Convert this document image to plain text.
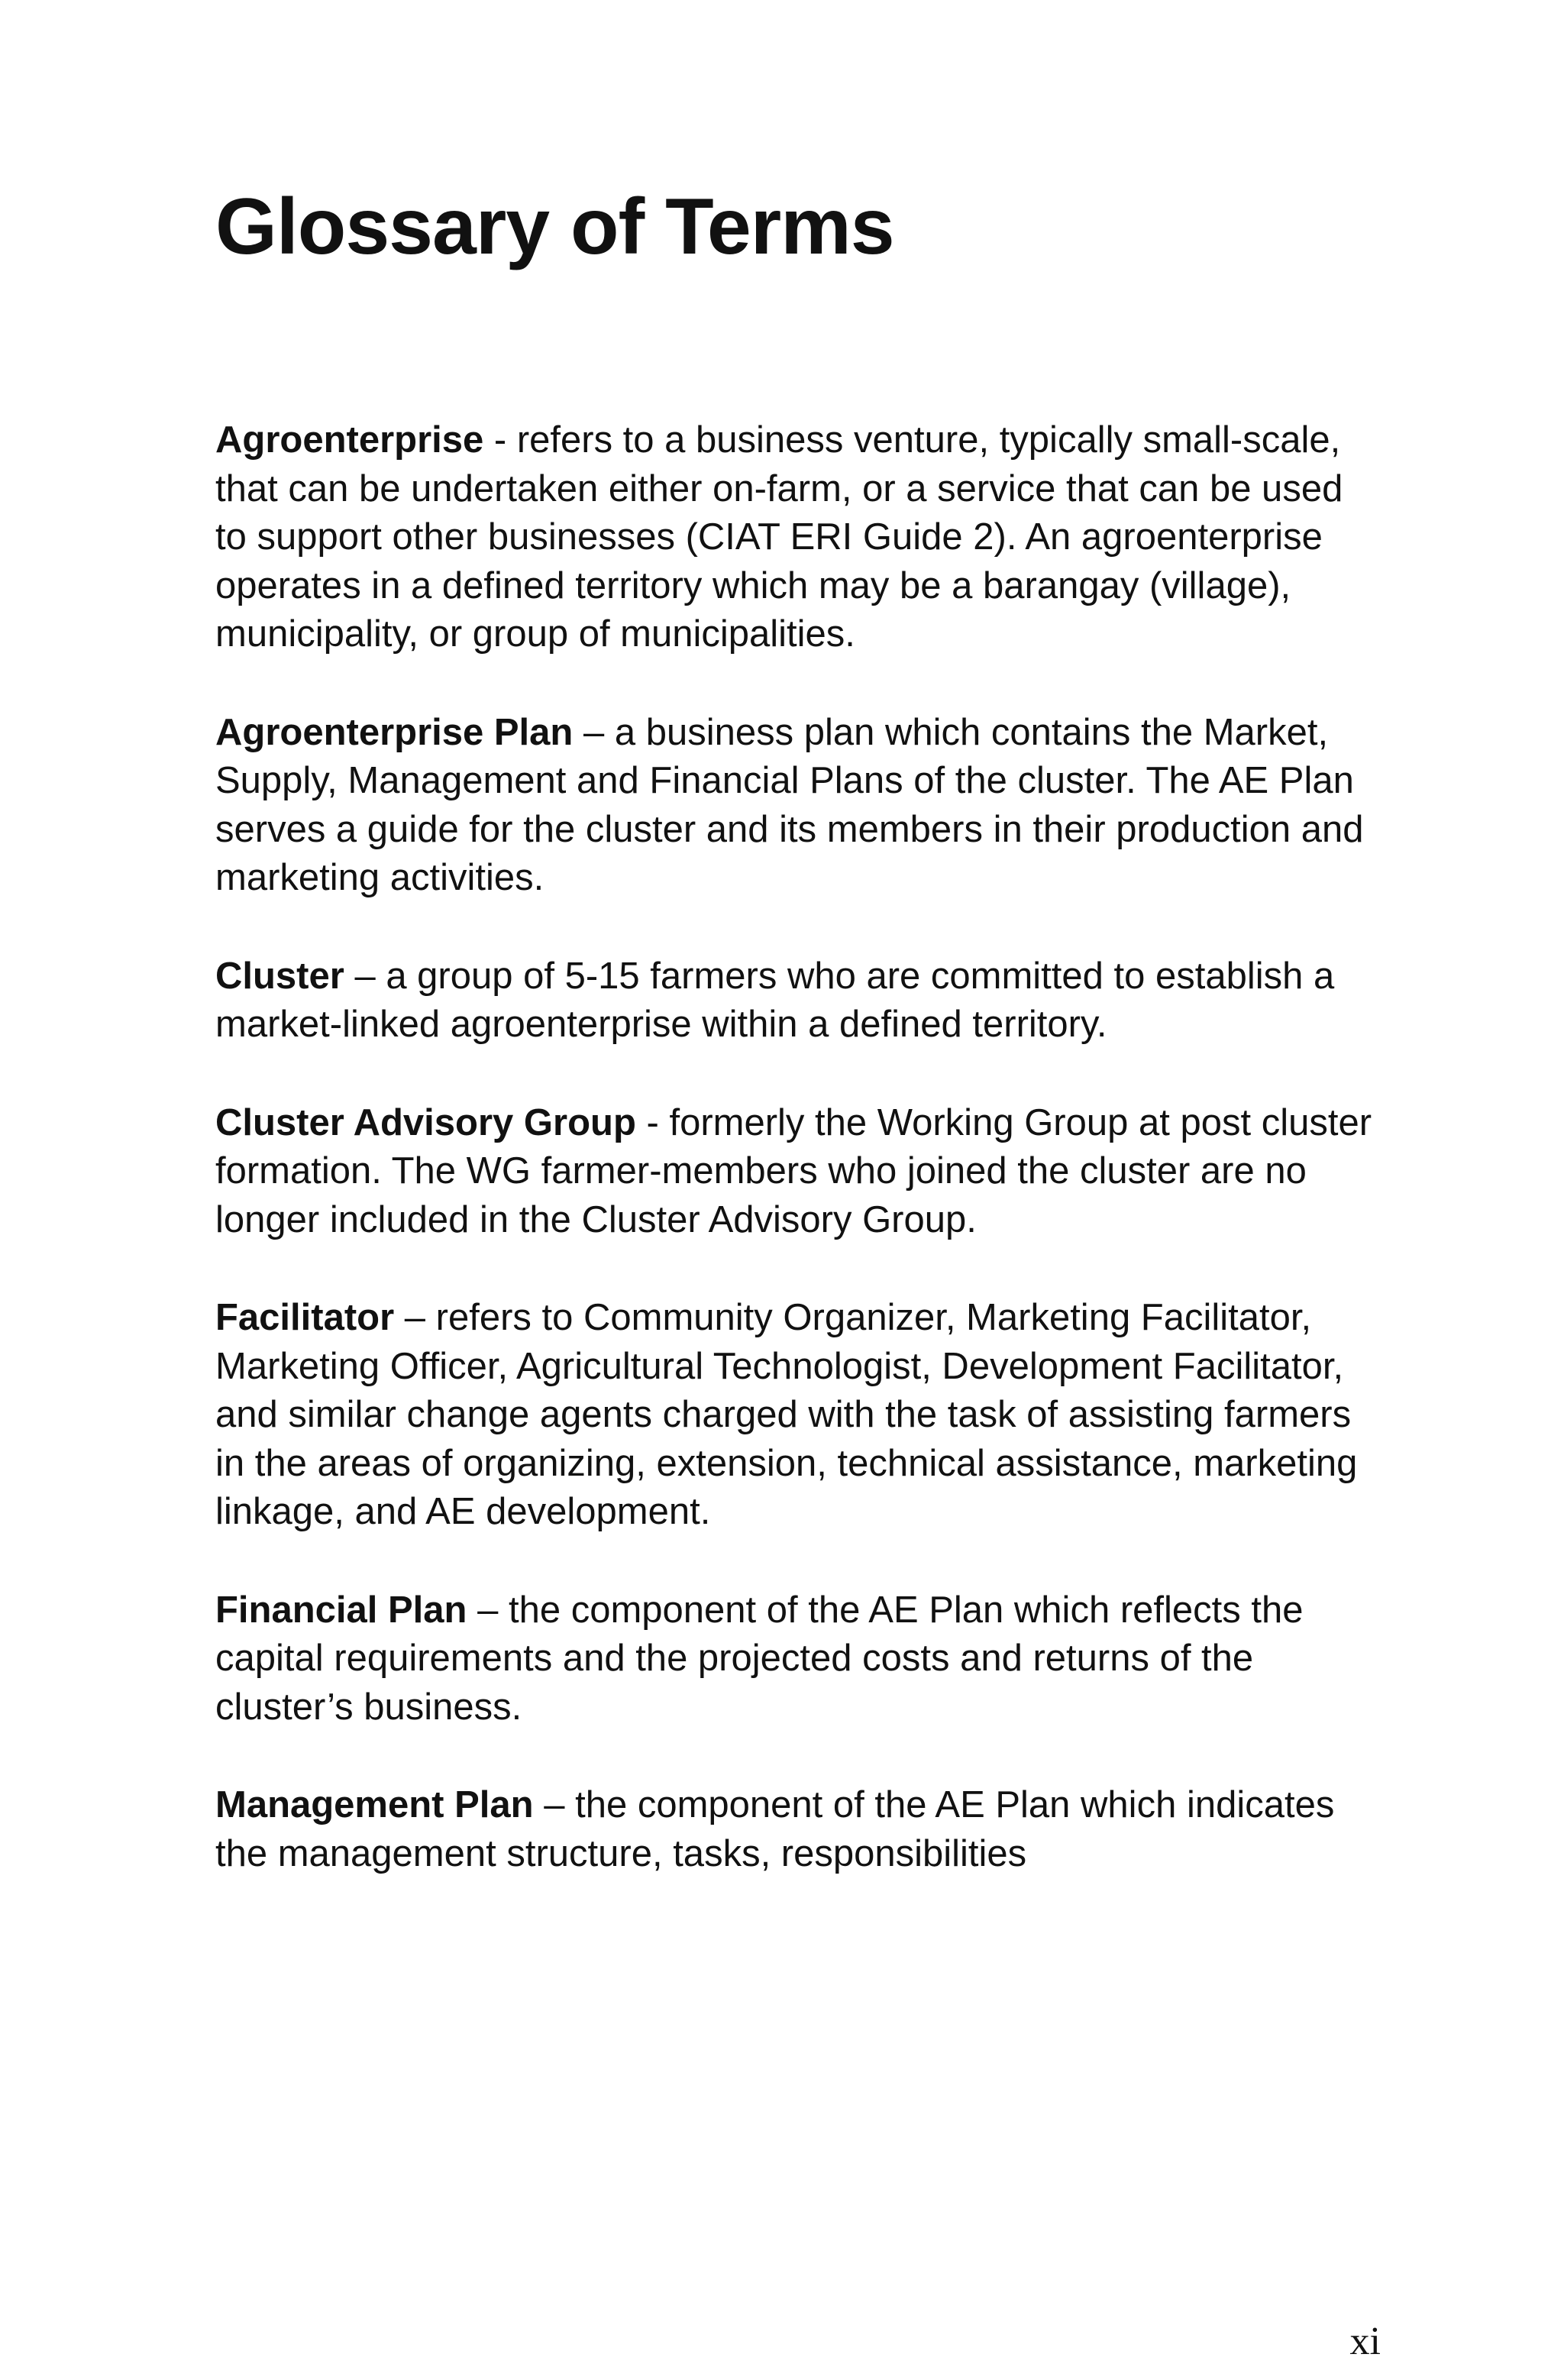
Glossary of Terms

Agroenterprise - refers to a business venture, typically small-scale, that can be undertaken either on-farm, or a service that can be used to support other businesses (CIAT ERI Guide 2). An agroenterprise operates in a defined territory which may be a barangay (village), municipality, or group of municipalities.

Agroenterprise Plan – a business plan which contains the Market, Supply, Management and Financial Plans of the cluster. The AE Plan serves a guide for the cluster and its members in their production and marketing activities.

Cluster – a group of 5-15 farmers who are committed to establish a market-linked agroenterprise within a defined territory.

Cluster Advisory Group - formerly the Working Group at post cluster formation. The WG farmer-members who joined the cluster are no longer included in the Cluster Advisory Group.

Facilitator – refers to Community Organizer, Marketing Facilitator, Marketing Officer, Agricultural Technologist, Development Facilitator, and similar change agents charged with the task of assisting farmers in the areas of organizing, extension, technical assistance, marketing linkage, and AE development.

Financial Plan – the component of the AE Plan which reflects the capital requirements and the projected costs and returns of the cluster’s business.

Management Plan – the component of the AE Plan which indicates the management structure, tasks, responsibilities

xi
